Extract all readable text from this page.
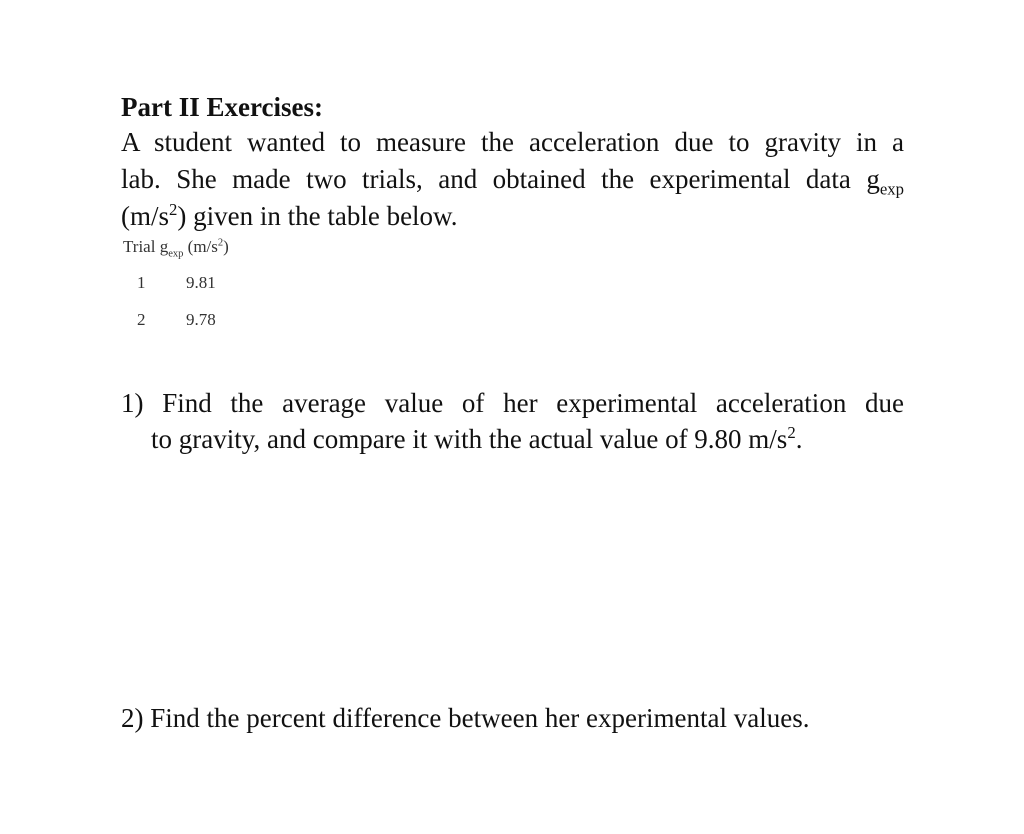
Part II Exercises:
A student wanted to measure the acceleration due to gravity in a
lab. She made two trials, and obtained the experimental data $g_{exp}$
$(m/s^2)$ given in the table below.
Trial $g_{exp}$ $(m/s^2)$
1 9.81
2 9.78
1) Find the average value of her experimental acceleration due
to gravity, and compare it with the actual value of 9.80 $m/s^2$.
2) Find the percent difference between her experimental values.
